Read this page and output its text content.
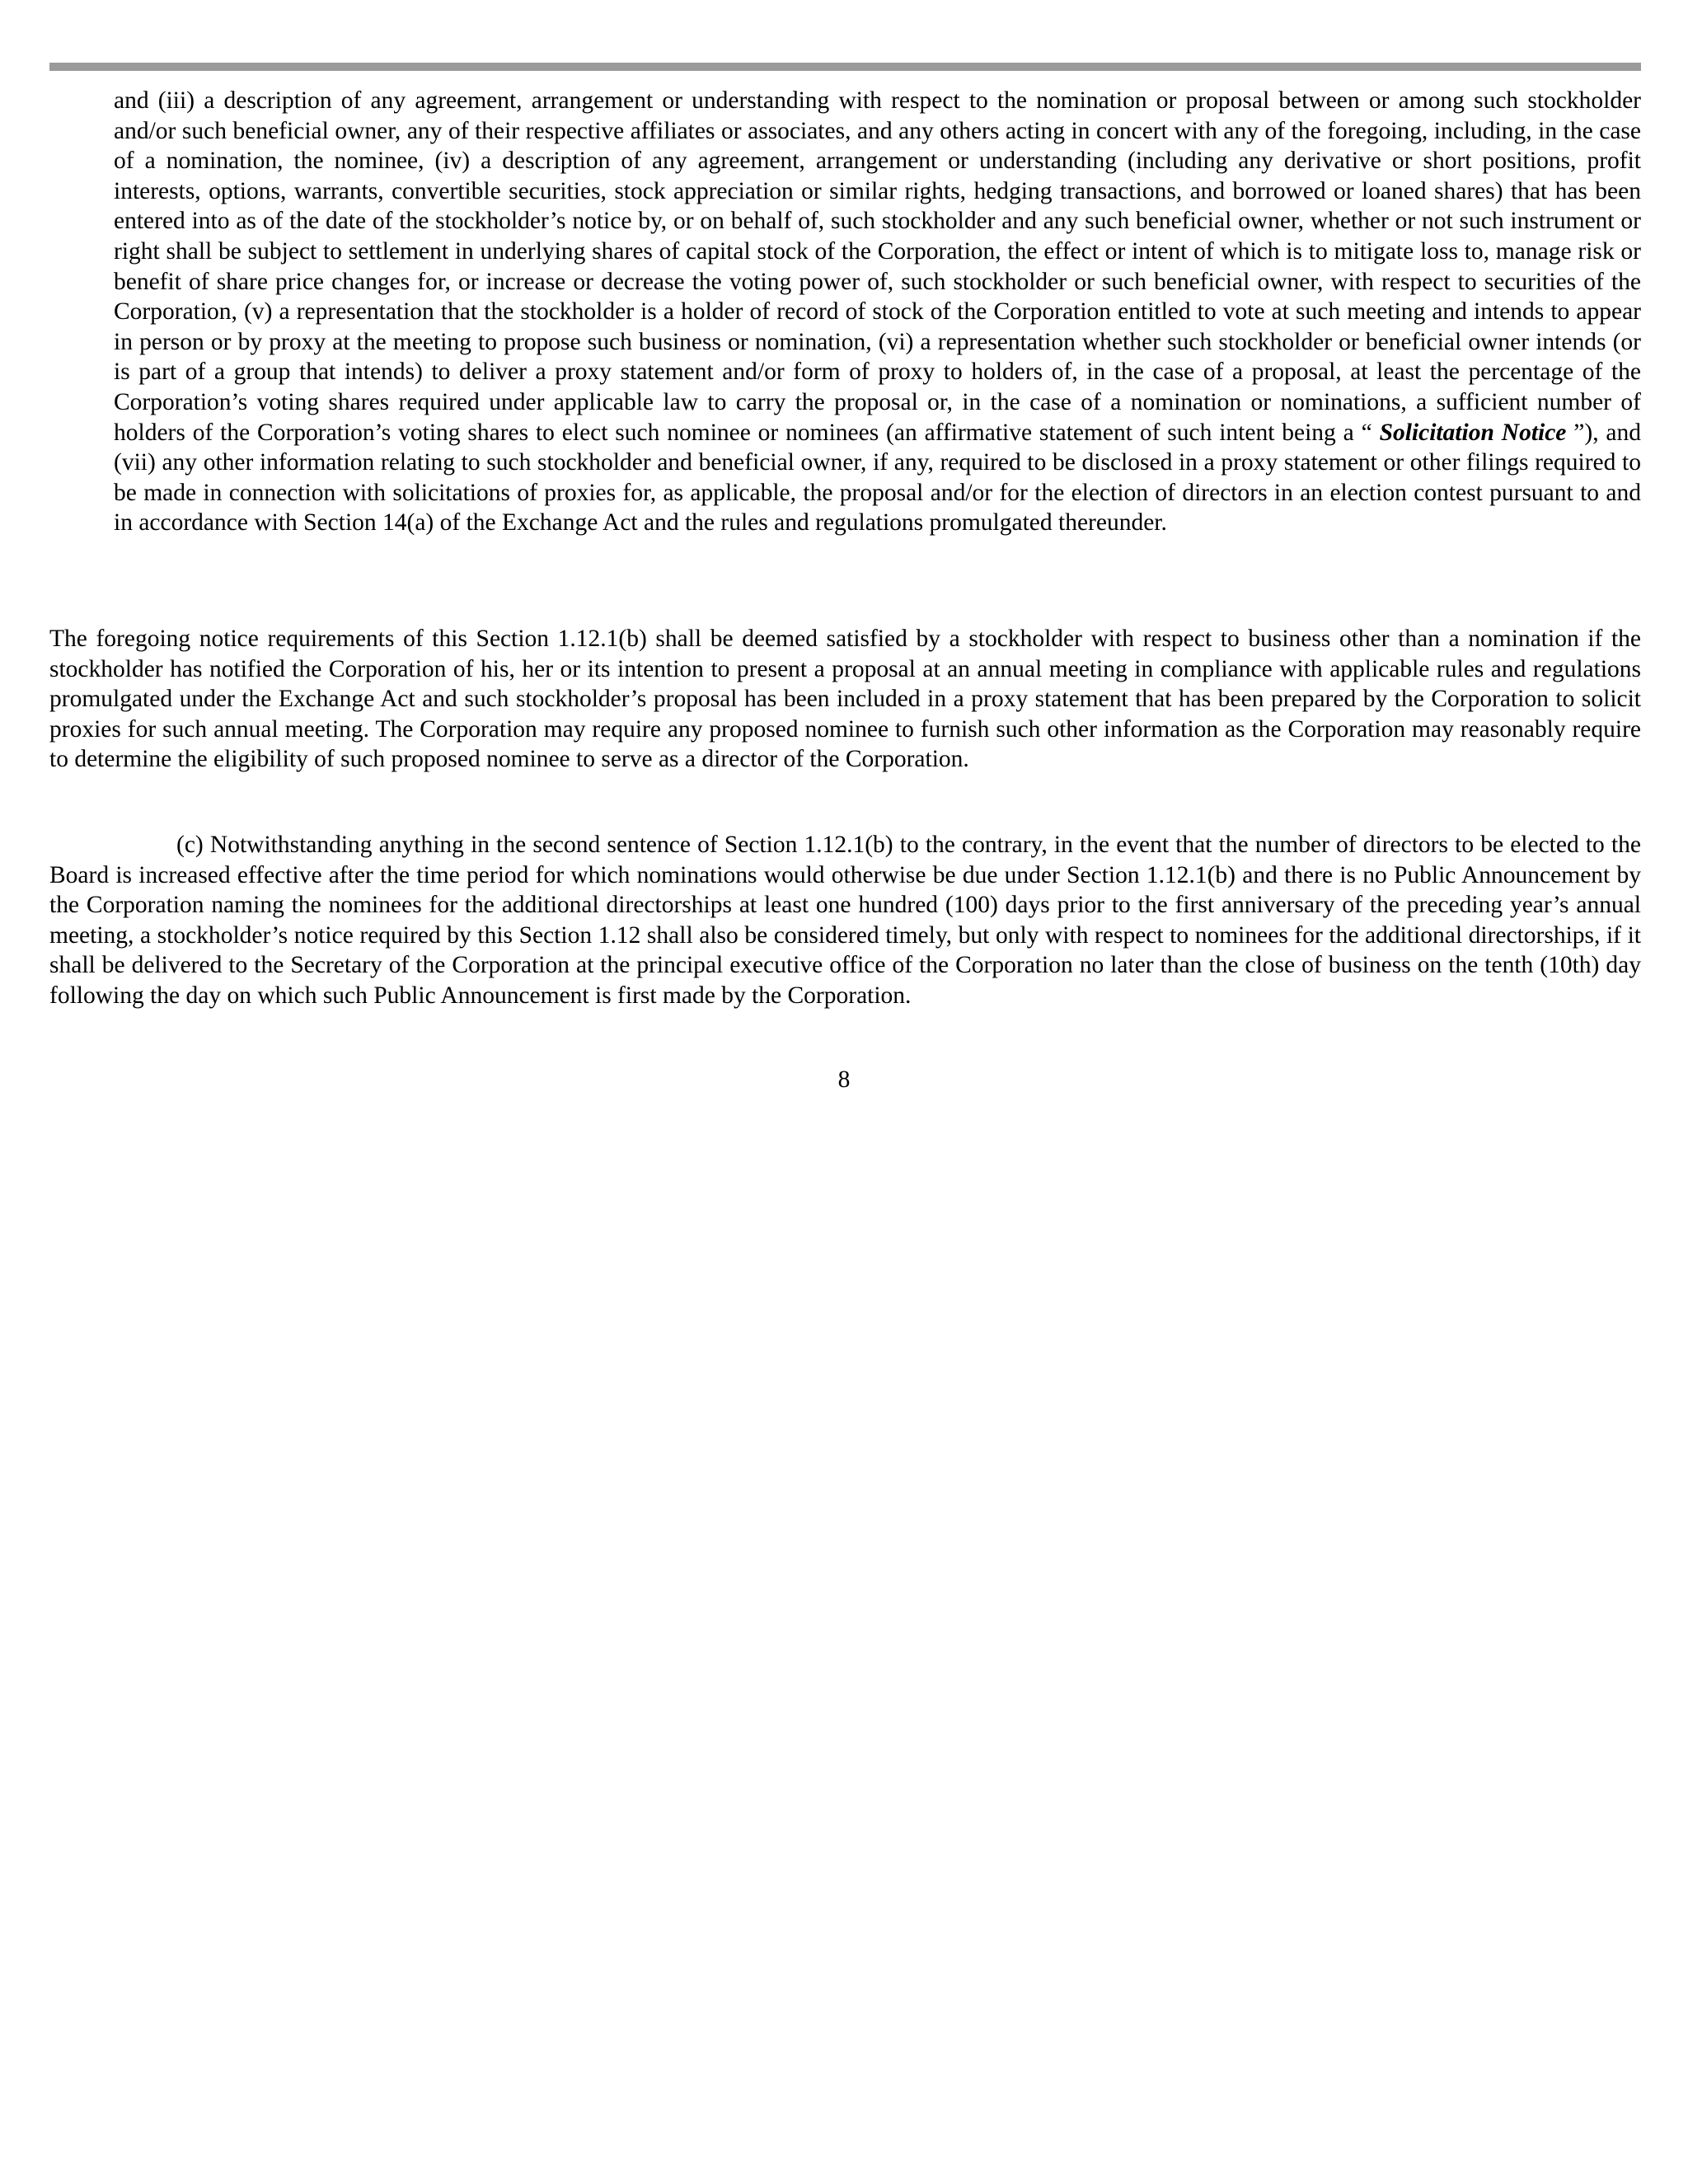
and (iii) a description of any agreement, arrangement or understanding with respect to the nomination or proposal between or among such stockholder and/or such beneficial owner, any of their respective affiliates or associates, and any others acting in concert with any of the foregoing, including, in the case of a nomination, the nominee, (iv) a description of any agreement, arrangement or understanding (including any derivative or short positions, profit interests, options, warrants, convertible securities, stock appreciation or similar rights, hedging transactions, and borrowed or loaned shares) that has been entered into as of the date of the stockholder’s notice by, or on behalf of, such stockholder and any such beneficial owner, whether or not such instrument or right shall be subject to settlement in underlying shares of capital stock of the Corporation, the effect or intent of which is to mitigate loss to, manage risk or benefit of share price changes for, or increase or decrease the voting power of, such stockholder or such beneficial owner, with respect to securities of the Corporation, (v) a representation that the stockholder is a holder of record of stock of the Corporation entitled to vote at such meeting and intends to appear in person or by proxy at the meeting to propose such business or nomination, (vi) a representation whether such stockholder or beneficial owner intends (or is part of a group that intends) to deliver a proxy statement and/or form of proxy to holders of, in the case of a proposal, at least the percentage of the Corporation’s voting shares required under applicable law to carry the proposal or, in the case of a nomination or nominations, a sufficient number of holders of the Corporation’s voting shares to elect such nominee or nominees (an affirmative statement of such intent being a “ Solicitation Notice ”), and (vii) any other information relating to such stockholder and beneficial owner, if any, required to be disclosed in a proxy statement or other filings required to be made in connection with solicitations of proxies for, as applicable, the proposal and/or for the election of directors in an election contest pursuant to and in accordance with Section 14(a) of the Exchange Act and the rules and regulations promulgated thereunder.

The foregoing notice requirements of this Section 1.12.1(b) shall be deemed satisfied by a stockholder with respect to business other than a nomination if the stockholder has notified the Corporation of his, her or its intention to present a proposal at an annual meeting in compliance with applicable rules and regulations promulgated under the Exchange Act and such stockholder’s proposal has been included in a proxy statement that has been prepared by the Corporation to solicit proxies for such annual meeting. The Corporation may require any proposed nominee to furnish such other information as the Corporation may reasonably require to determine the eligibility of such proposed nominee to serve as a director of the Corporation.

(c) Notwithstanding anything in the second sentence of Section 1.12.1(b) to the contrary, in the event that the number of directors to be elected to the Board is increased effective after the time period for which nominations would otherwise be due under Section 1.12.1(b) and there is no Public Announcement by the Corporation naming the nominees for the additional directorships at least one hundred (100) days prior to the first anniversary of the preceding year’s annual meeting, a stockholder’s notice required by this Section 1.12 shall also be considered timely, but only with respect to nominees for the additional directorships, if it shall be delivered to the Secretary of the Corporation at the principal executive office of the Corporation no later than the close of business on the tenth (10th) day following the day on which such Public Announcement is first made by the Corporation.

8
